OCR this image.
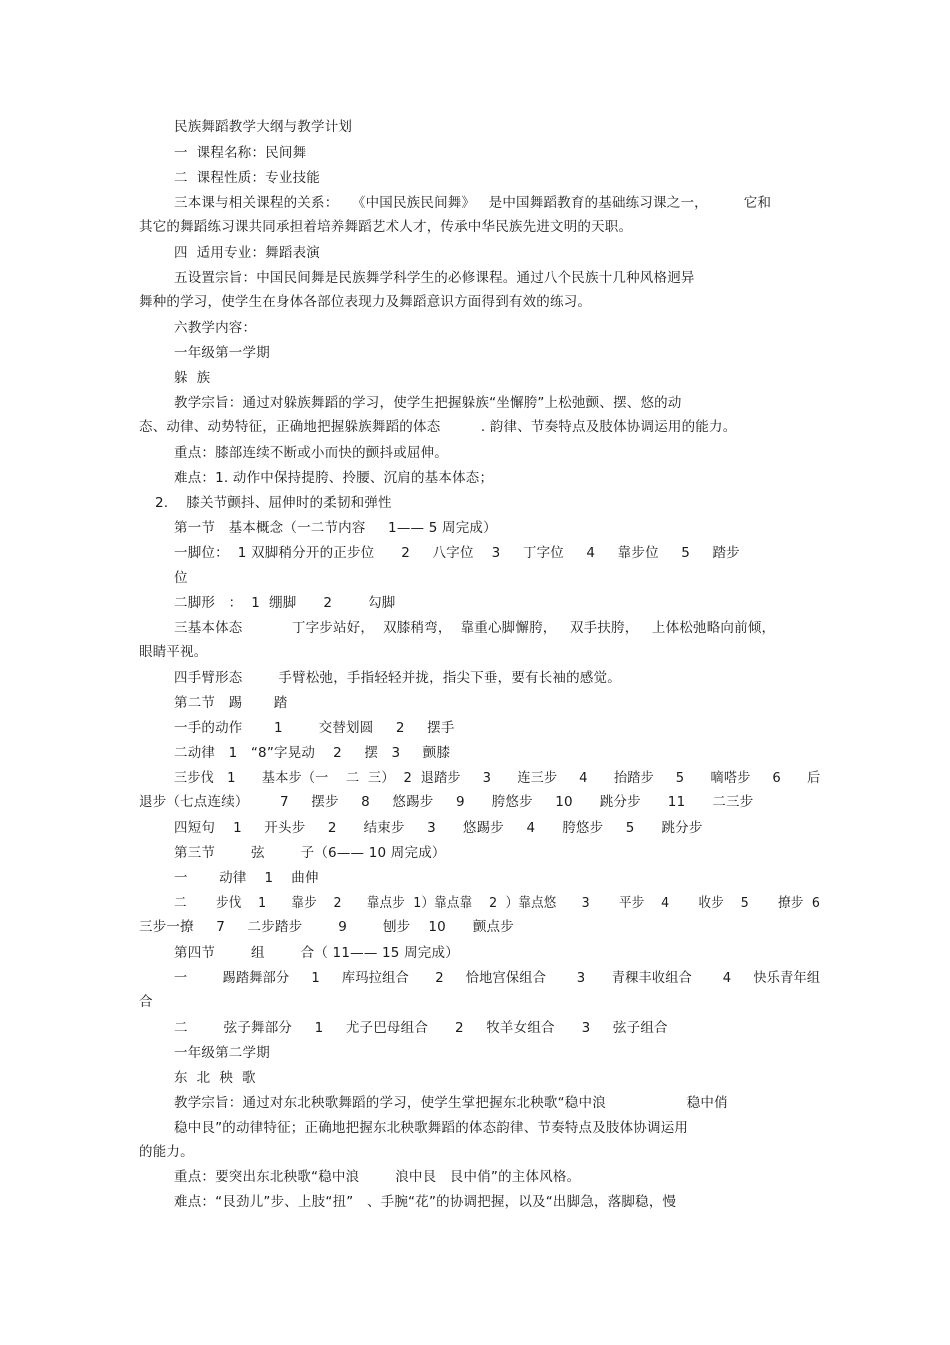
民族舞蹈教学大纲与教学计划
一  课程名称：民间舞
二  课程性质：专业技能
三本课与相关课程的关系：   《中国民族民间舞》   是中国舞蹈教育的基础练习课之一，        它和
其它的舞蹈练习课共同承担着培养舞蹈艺术人才，传承中华民族先进文明的天职。
四  适用专业：舞蹈表演
五设置宗旨：中国民间舞是民族舞学科学生的必修课程。通过八个民族十几种风格迥异
舞种的学习，使学生在身体各部位表现力及舞蹈意识方面得到有效的练习。
六教学内容：
一年级第一学期
躲  族
教学宗旨：通过对躲族舞蹈的学习，使学生把握躲族“坐懈胯”上松弛颤、摆、悠的动
态、动律、动势特征，正确地把握躲族舞蹈的体态         . 韵律、节奏特点及肢体协调运用的能力。
重点：膝部连续不断或小而快的颤抖或屈伸。
难点：1. 动作中保持提胯、拎腰、沉肩的基本体态；
2.    膝关节颤抖、屈伸时的柔韧和弹性
第一节   基本概念（一二节内容     1—— 5 周完成）
一脚位：  1 双脚稍分开的正步位      2     八字位    3     丁字位     4     靠步位     5     踏步
位
二脚形   ：  1  绷脚      2        勾脚
三基本体态           丁字步站好，  双膝稍弯，  靠重心脚懈胯，   双手扶胯，   上体松弛略向前倾，
眼睛平视。
四手臂形态        手臂松弛，手指轻轻并拢，指尖下垂，要有长袖的感觉。
第二节   踢       踏
一手的动作       1        交替划圆     2     摆手
二动律   1   “8”字晃动    2     摆   3     颤膝
三步伐   1      基本步（一    二  三）  2  退踏步     3      连三步     4      抬踏步     5      嘀嗒步     6      后
退步（七点连续）       7     摆步     8     悠踢步     9      胯悠步     10      跳分步      11      二三步
四短句    1     开头步     2      结束步     3      悠踢步     4      胯悠步     5      跳分步
第三节        弦        子（6—— 10 周完成）
一       动律    1    曲伸
二       步伐    1      靠步    2      靠点步  1）靠点靠    2  ）靠点悠      3       平步    4       收步    5       撩步  6
三步一撩     7     二步踏步        9        刨步    10      颤点步
第四节        组        合（ 11—— 15 周完成）
一        踢踏舞部分     1     库玛拉组合      2     恰地宫保组合       3      青稞丰收组合       4     快乐青年组
合
二        弦子舞部分     1     尤子巴母组合      2     牧羊女组合      3     弦子组合
一年级第二学期
东  北  秧  歌
教学宗旨：通过对东北秧歌舞蹈的学习，使学生掌把握东北秧歌“稳中浪                  稳中俏
稳中艮”的动律特征；正确地把握东北秧歌舞蹈的体态韵律、节奏特点及肢体协调运用
的能力。
重点：要突出东北秧歌“稳中浪        浪中艮   艮中俏”的主体风格。
难点：“艮劲儿”步、上肢“扭”   、手腕“花”的协调把握，以及“出脚急，落脚稳，慢
